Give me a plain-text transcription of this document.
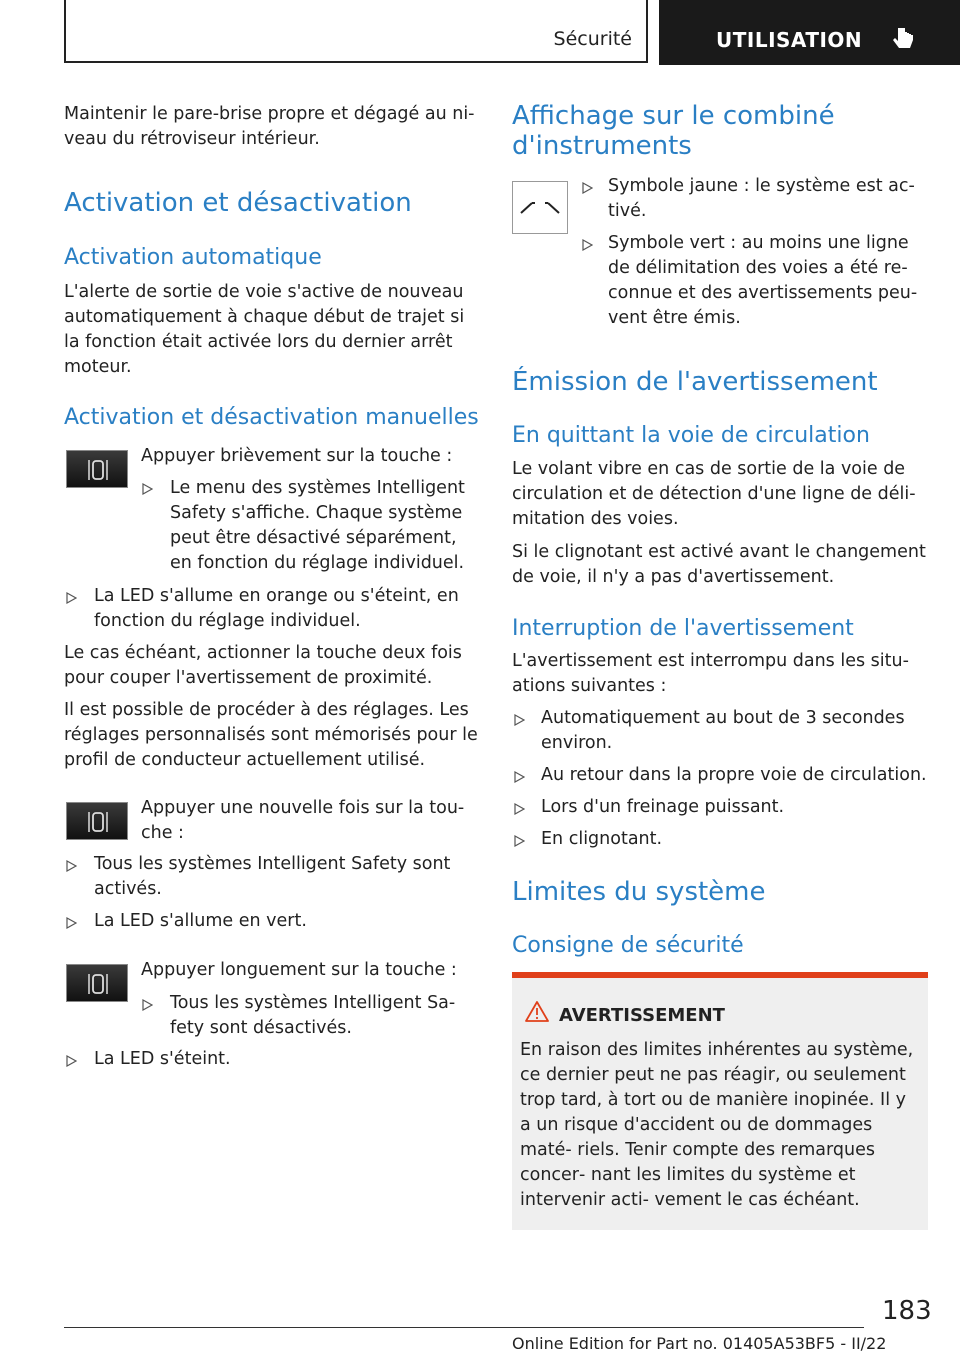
Sécurité	UTILISATION
Maintenir le pare-brise propre et dégagé au ni‐ veau du rétroviseur intérieur.
Activation et désactivation
Activation automatique
L'alerte de sortie de voie s'active de nouveau automatiquement à chaque début de trajet si la fonction était activée lors du dernier arrêt moteur.
Activation et désactivation manuelles
Appuyer brièvement sur la touche :
Le menu des systèmes Intelligent Safety s'affiche. Chaque système peut être désactivé séparément, en fonction du réglage individuel.
La LED s'allume en orange ou s'éteint, en fonction du réglage individuel.
Le cas échéant, actionner la touche deux fois pour couper l'avertissement de proximité.
Il est possible de procéder à des réglages. Les réglages personnalisés sont mémorisés pour le profil de conducteur actuellement utilisé.
Appuyer une nouvelle fois sur la tou‐ che :
Tous les systèmes Intelligent Safety sont activés.
La LED s'allume en vert.
Appuyer longuement sur la touche :
Tous les systèmes Intelligent Sa‐ fety sont désactivés.
La LED s'éteint.
Affichage sur le combiné d'instruments
Symbole jaune : le système est ac‐ tivé.
Symbole vert : au moins une ligne de délimitation des voies a été re‐ connue et des avertissements peu‐ vent être émis.
Émission de l'avertissement
En quittant la voie de circulation
Le volant vibre en cas de sortie de la voie de circulation et de détection d'une ligne de déli‐ mitation des voies.
Si le clignotant est activé avant le changement de voie, il n'y a pas d'avertissement.
Interruption de l'avertissement
L'avertissement est interrompu dans les situ‐ ations suivantes :
Automatiquement au bout de 3 secondes environ.
Au retour dans la propre voie de circulation.
Lors d'un freinage puissant.
En clignotant.
Limites du système
Consigne de sécurité
AVERTISSEMENT
En raison des limites inhérentes au système, ce dernier peut ne pas réagir, ou seulement trop tard, à tort ou de manière inopinée. Il y a un risque d'accident ou de dommages maté‐ riels. Tenir compte des remarques concer‐ nant les limites du système et intervenir acti‐ vement le cas échéant.
183
Online Edition for Part no. 01405A53BF5 - II/22
